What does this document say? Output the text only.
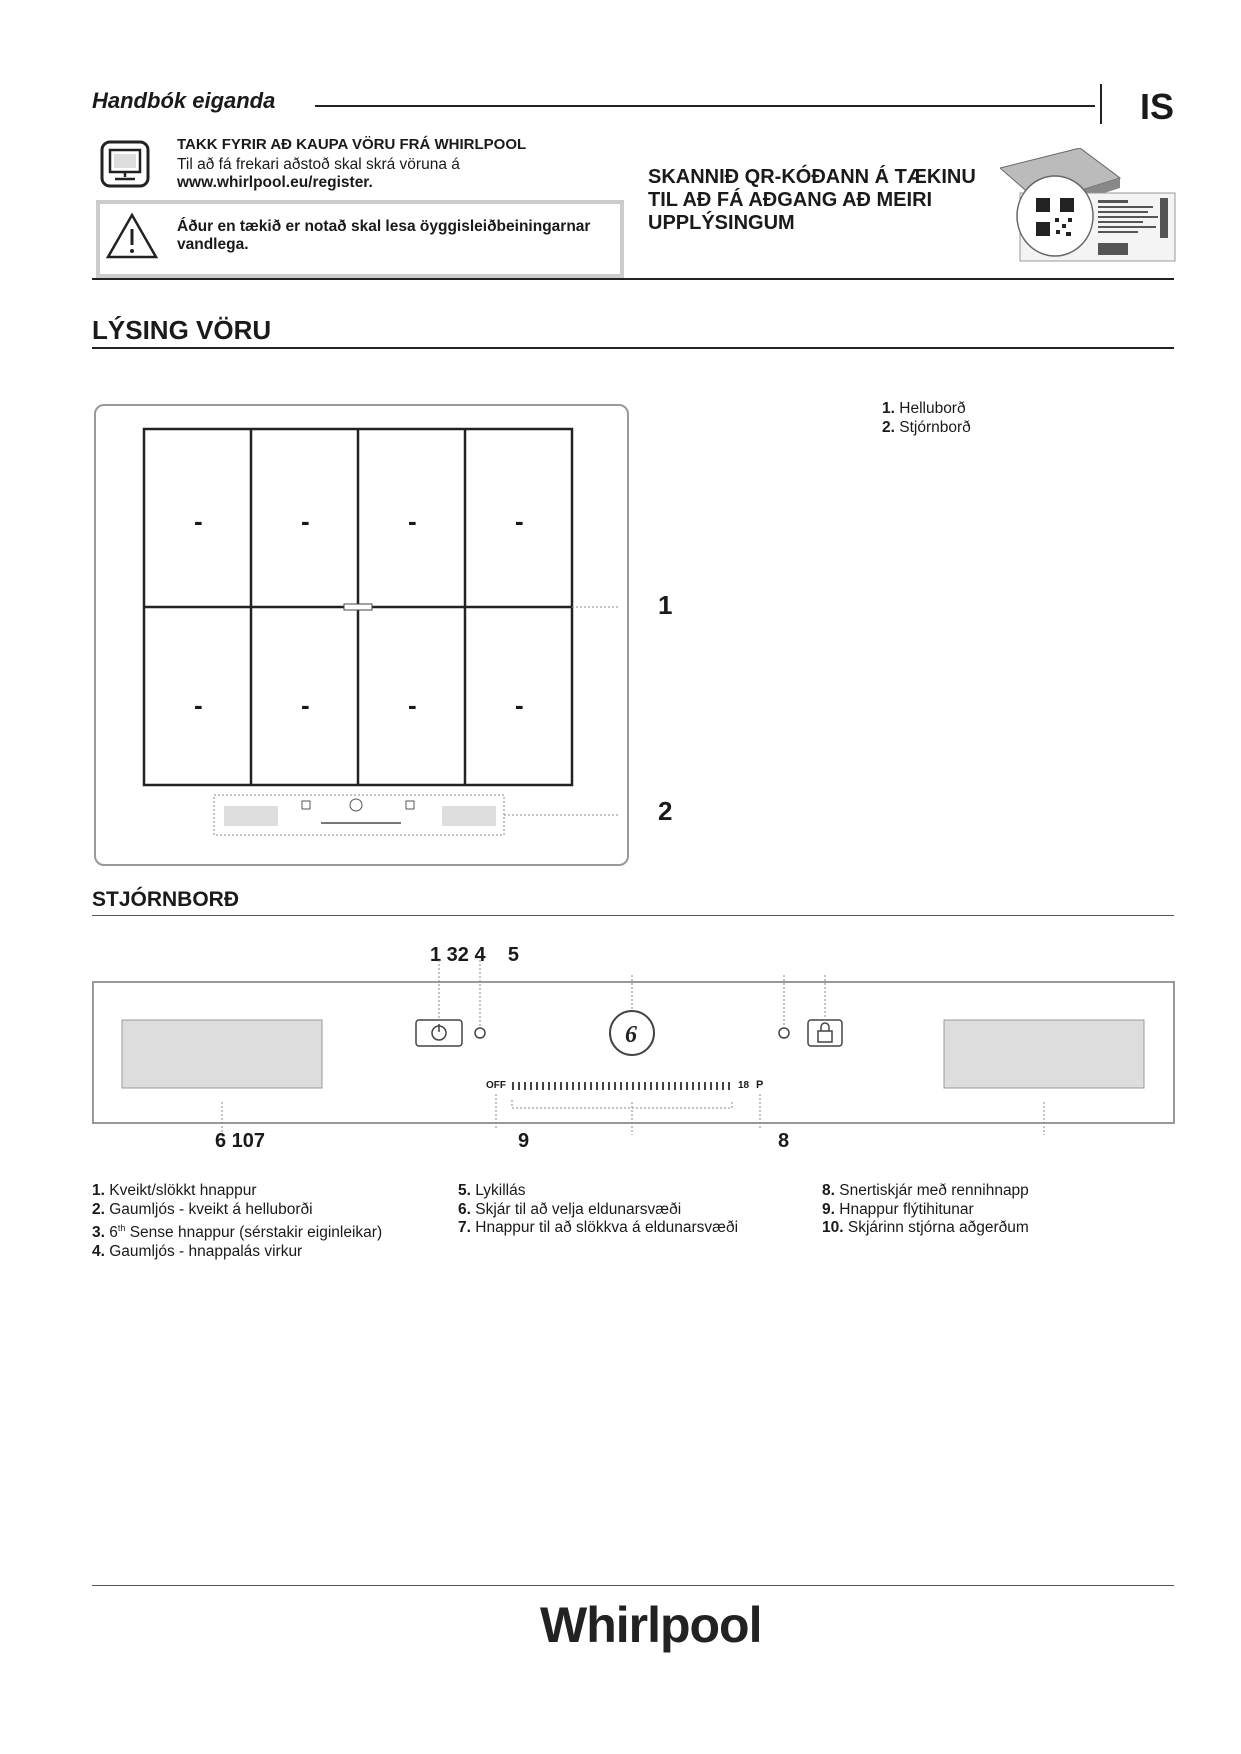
Handbók eiganda	IS
TAKK FYRIR AÐ KAUPA VÖRU FRÁ WHIRLPOOL
Til að fá frekari aðstoð skal skrá vöruna á www.whirlpool.eu/register.
Áður en tækið er notað skal lesa öyggisleiðbeiningarnar vandlega.
SKANNIÐ QR-KÓÐANN Á TÆKINU TIL AÐ FÁ AÐGANG AÐ MEIRI UPPLÝSINGUM
LÝSING VÖRU
-	-	-	-
-	-	-	-
1
2
1. Helluborð
2. Stjórnborð
STJÓRNBORÐ
1 32 4    5
6
OFF	18 P
6 107	9	8
1. Kveikt/slökkt hnappur
2. Gaumljós - kveikt á helluborði
3. 6th Sense hnappur (sérstakir eiginleikar)
4. Gaumljós - hnappalás virkur
5. Lykillás
6. Skjár til að velja eldunarsvæði
7. Hnappur til að slökkva á eldunarsvæði
8. Snertiskjár með rennihnapp
9. Hnappur flýtihitunar
10. Skjárinn stjórna aðgerðum
Whirlpool
